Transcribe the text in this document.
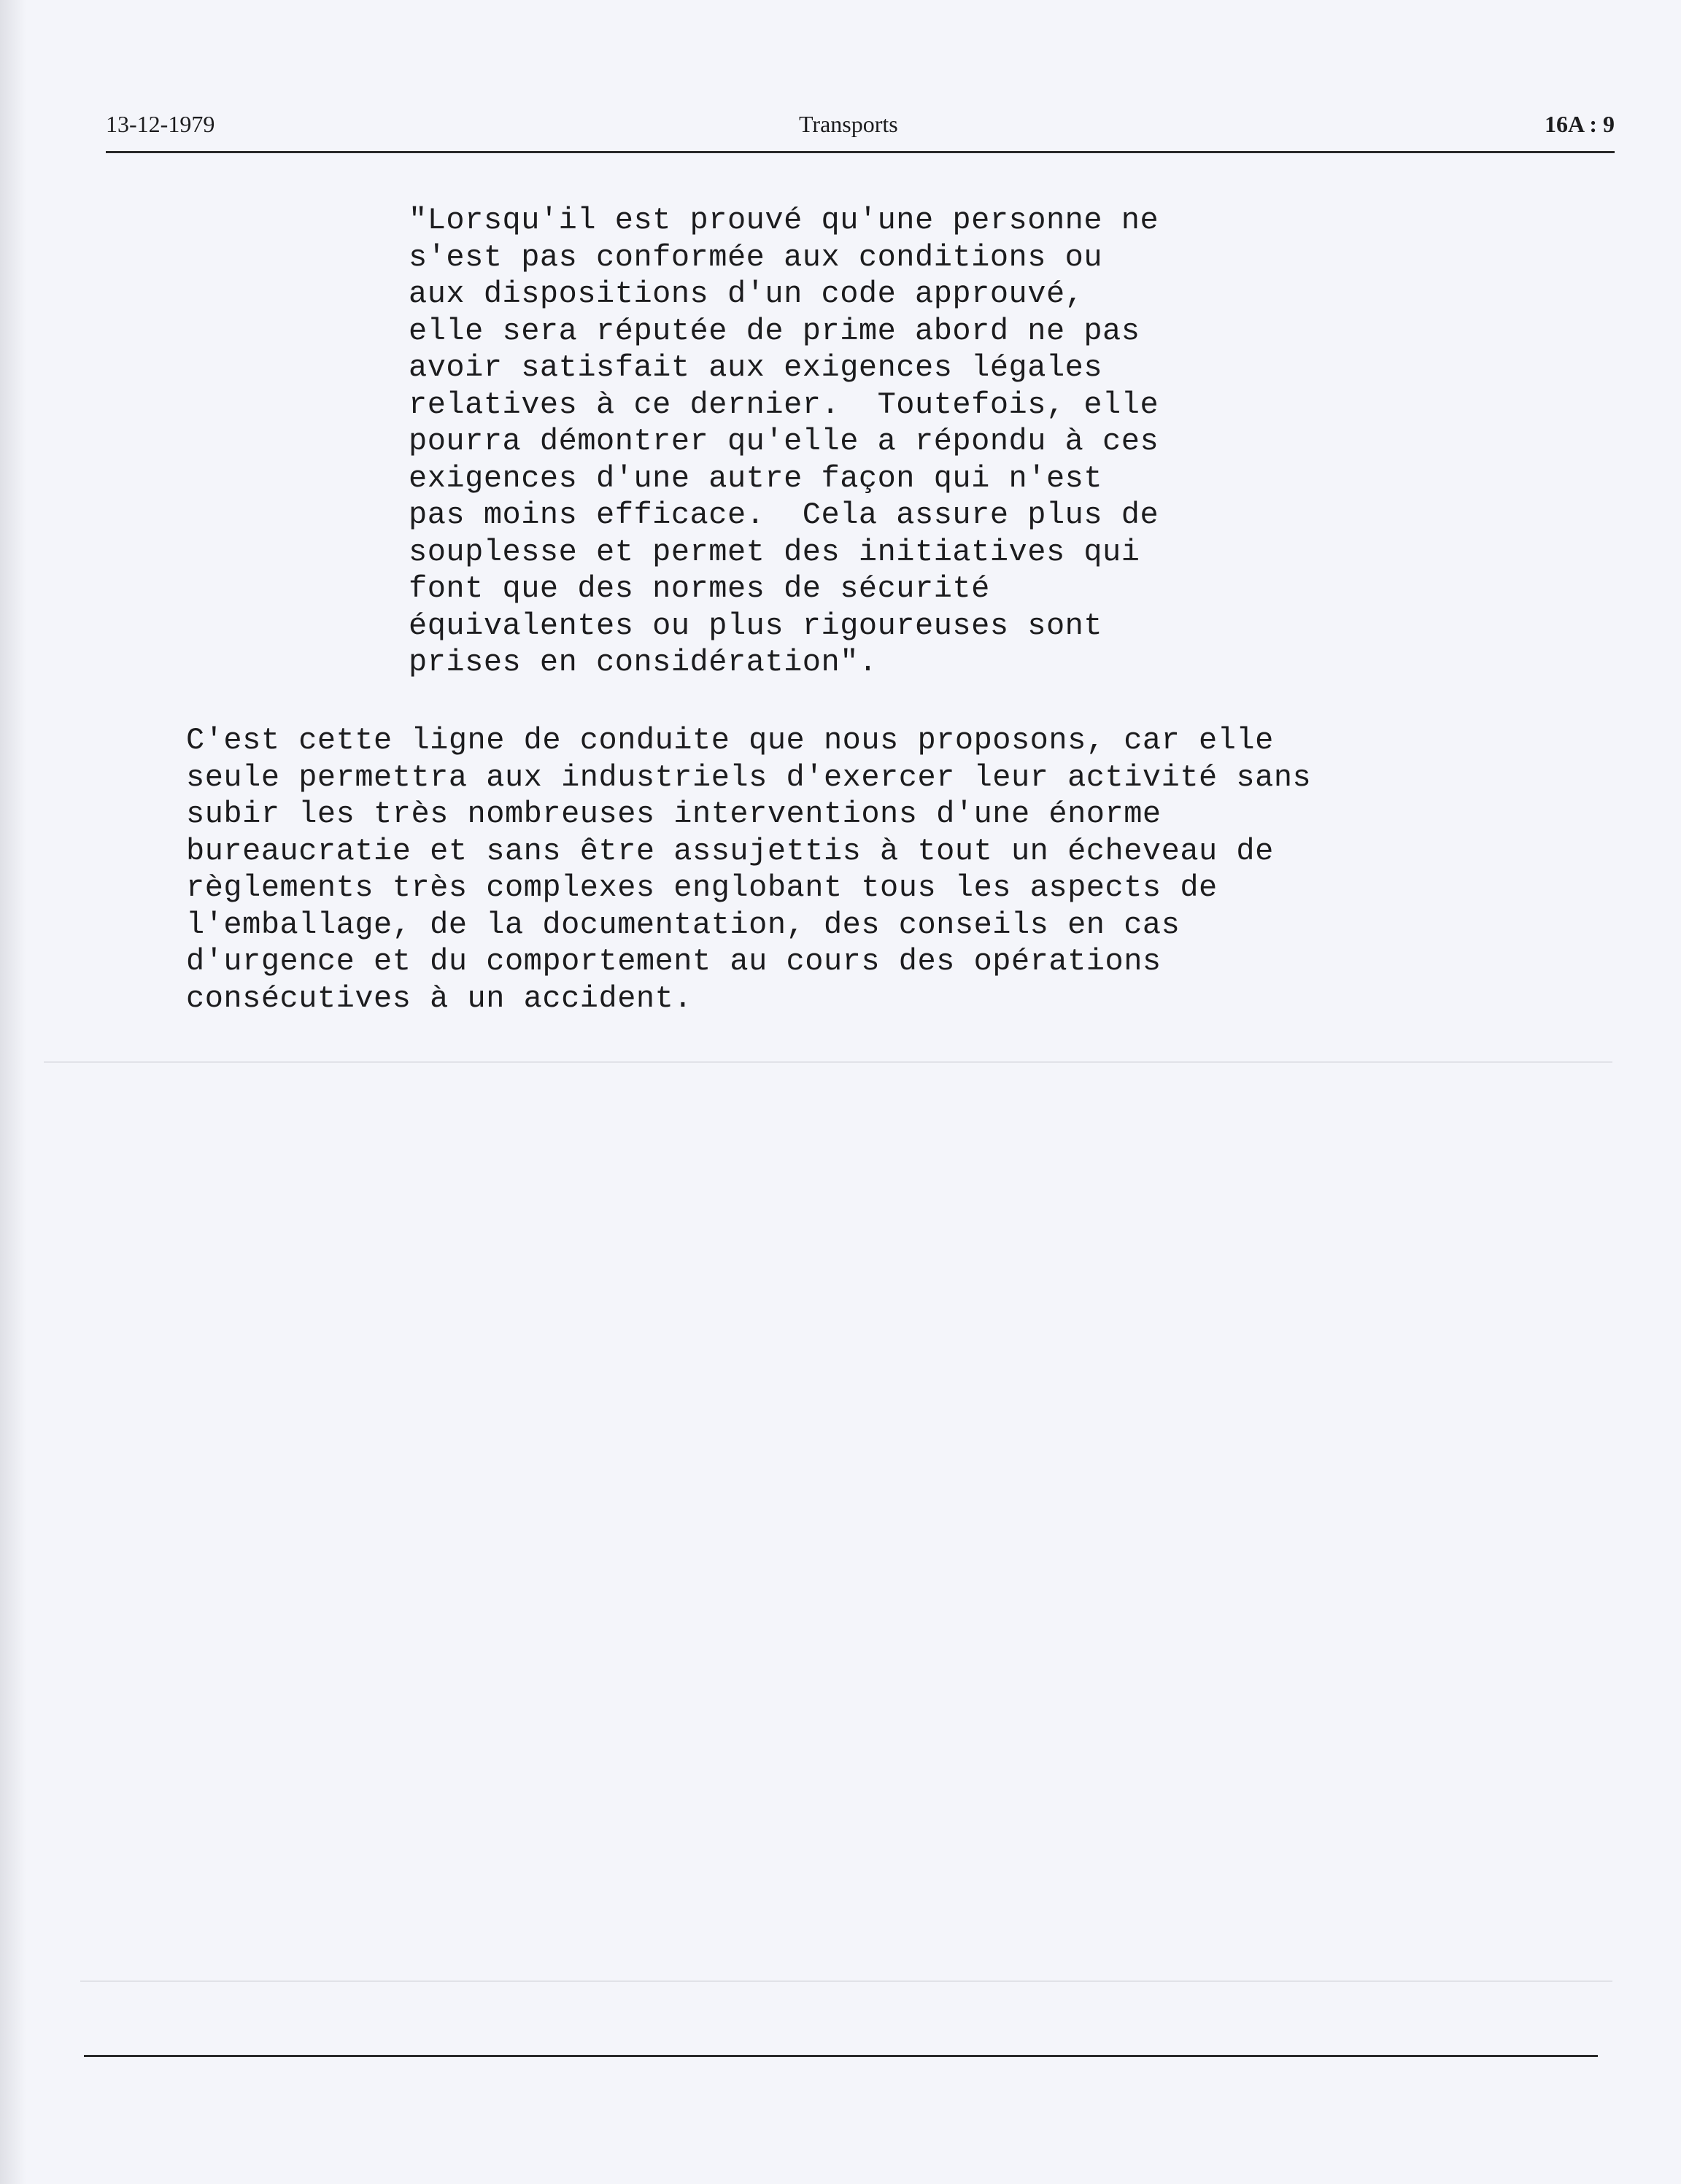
13-12-1979	Transports	16A : 9
"Lorsqu'il est prouvé qu'une personne ne
s'est pas conformée aux conditions ou
aux dispositions d'un code approuvé,
elle sera réputée de prime abord ne pas
avoir satisfait aux exigences légales
relatives à ce dernier.  Toutefois, elle
pourra démontrer qu'elle a répondu à ces
exigences d'une autre façon qui n'est
pas moins efficace.  Cela assure plus de
souplesse et permet des initiatives qui
font que des normes de sécurité
équivalentes ou plus rigoureuses sont
prises en considération".
C'est cette ligne de conduite que nous proposons, car elle
seule permettra aux industriels d'exercer leur activité sans
subir les très nombreuses interventions d'une énorme
bureaucratie et sans être assujettis à tout un écheveau de
règlements très complexes englobant tous les aspects de
l'emballage, de la documentation, des conseils en cas
d'urgence et du comportement au cours des opérations
consécutives à un accident.
